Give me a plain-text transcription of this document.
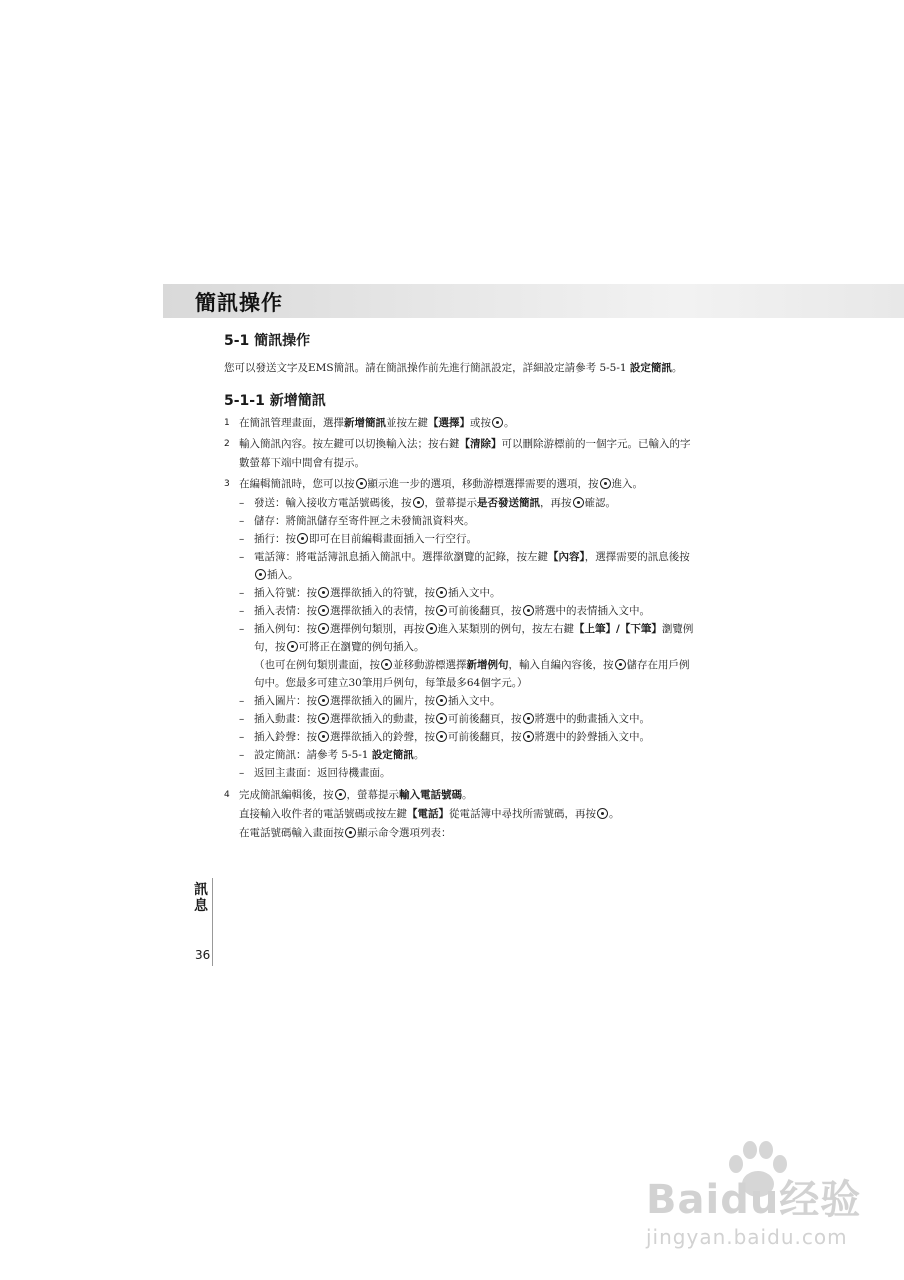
簡訊操作
5-1 簡訊操作
您可以發送文字及EMS簡訊。請在簡訊操作前先進行簡訊設定，詳細設定請參考 5-5-1 設定簡訊。
5-1-1 新增簡訊
1 在簡訊管理畫面，選擇新增簡訊並按左鍵【選擇】或按 。
2 輸入簡訊內容。按左鍵可以切換輸入法；按右鍵【清除】可以刪除游標前的一個字元。已輸入的字數螢幕下端中間會有提示。
3 在編輯簡訊時，您可以按 顯示進一步的選項，移動游標選擇需要的選項，按 進入。
– 發送：輸入接收方電話號碼後，按 ，螢幕提示是否發送簡訊，再按 確認。
– 儲存：將簡訊儲存至寄件匣之未發簡訊資料夾。
– 插行：按 即可在目前編輯畫面插入一行空行。
– 電話簿：將電話簿訊息插入簡訊中。選擇欲瀏覽的記錄，按左鍵【內容】，選擇需要的訊息後按插入。
– 插入符號：按 選擇欲插入的符號，按 插入文中。
– 插入表情：按 選擇欲插入的表情，按 可前後翻頁，按 將選中的表情插入文中。
– 插入例句：按 選擇例句類別，再按 進入某類別的例句，按左右鍵【上筆】/【下筆】瀏覽例句，按 可將正在瀏覽的例句插入。
（也可在例句類別畫面，按 並移動游標選擇新增例句，輸入自編內容後，按 儲存在用戶例句中。您最多可建立30筆用戶例句，每筆最多64個字元。）
– 插入圖片：按 選擇欲插入的圖片，按 插入文中。
– 插入動畫：按 選擇欲插入的動畫，按 可前後翻頁，按 將選中的動畫插入文中。
– 插入鈴聲：按 選擇欲插入的鈴聲，按 可前後翻頁，按 將選中的鈴聲插入文中。
– 設定簡訊：請參考 5-5-1 設定簡訊。
– 返回主畫面：返回待機畫面。
4 完成簡訊編輯後，按 ，螢幕提示輸入電話號碼。
直接輸入收件者的電話號碼或按左鍵【電話】從電話簿中尋找所需號碼，再按 。
在電話號碼輸入畫面按 顯示命令選項列表：
訊息
36
Baidu经验
jingyan.baidu.com
